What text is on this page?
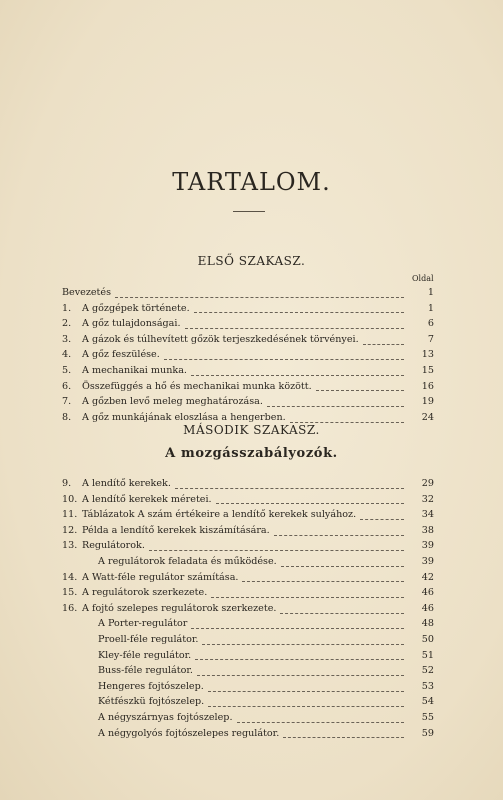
TARTALOM.
ELSŐ SZAKASZ.
Oldal
Bevezetés	1
1.	A gőzgépek története.	1
2.	A gőz tulajdonságai.	6
3.	A gázok és túlhevített gőzök terjeszkedésének törvényei.	7
4.	A gőz feszülése.	13
5.	A mechanikai munka.	15
6.	Összefüggés a hő és mechanikai munka között.	16
7.	A gőzben levő meleg meghatározása.	19
8.	A gőz munkájának eloszlása a hengerben.	24
MÁSODIK SZAKASZ.
A mozgásszabályozók.
9.	A lendítő kerekek.	29
10. A lendítő kerekek méretei.	32
11. Táblázatok A szám értékeire a lendítő kerekek sulyához.	34
12. Példa a lendítő kerekek kiszámítására.	38
13. Regulátorok.	39
A regulátorok feladata és működése.	39
14. A Watt-féle regulátor számítása.	42
15. A regulátorok szerkezete.	46
16. A fojtó szelepes regulátorok szerkezete.	46
A Porter-regulátor	48
Proell-féle regulátor.	50
Kley-féle regulátor.	51
Buss-féle regulátor.	52
Hengeres fojtószelep.	53
Kétfészkü fojtószelep.	54
A négyszárnyas fojtószelep.	55
A négygolyós fojtószelepes regulátor.	59
